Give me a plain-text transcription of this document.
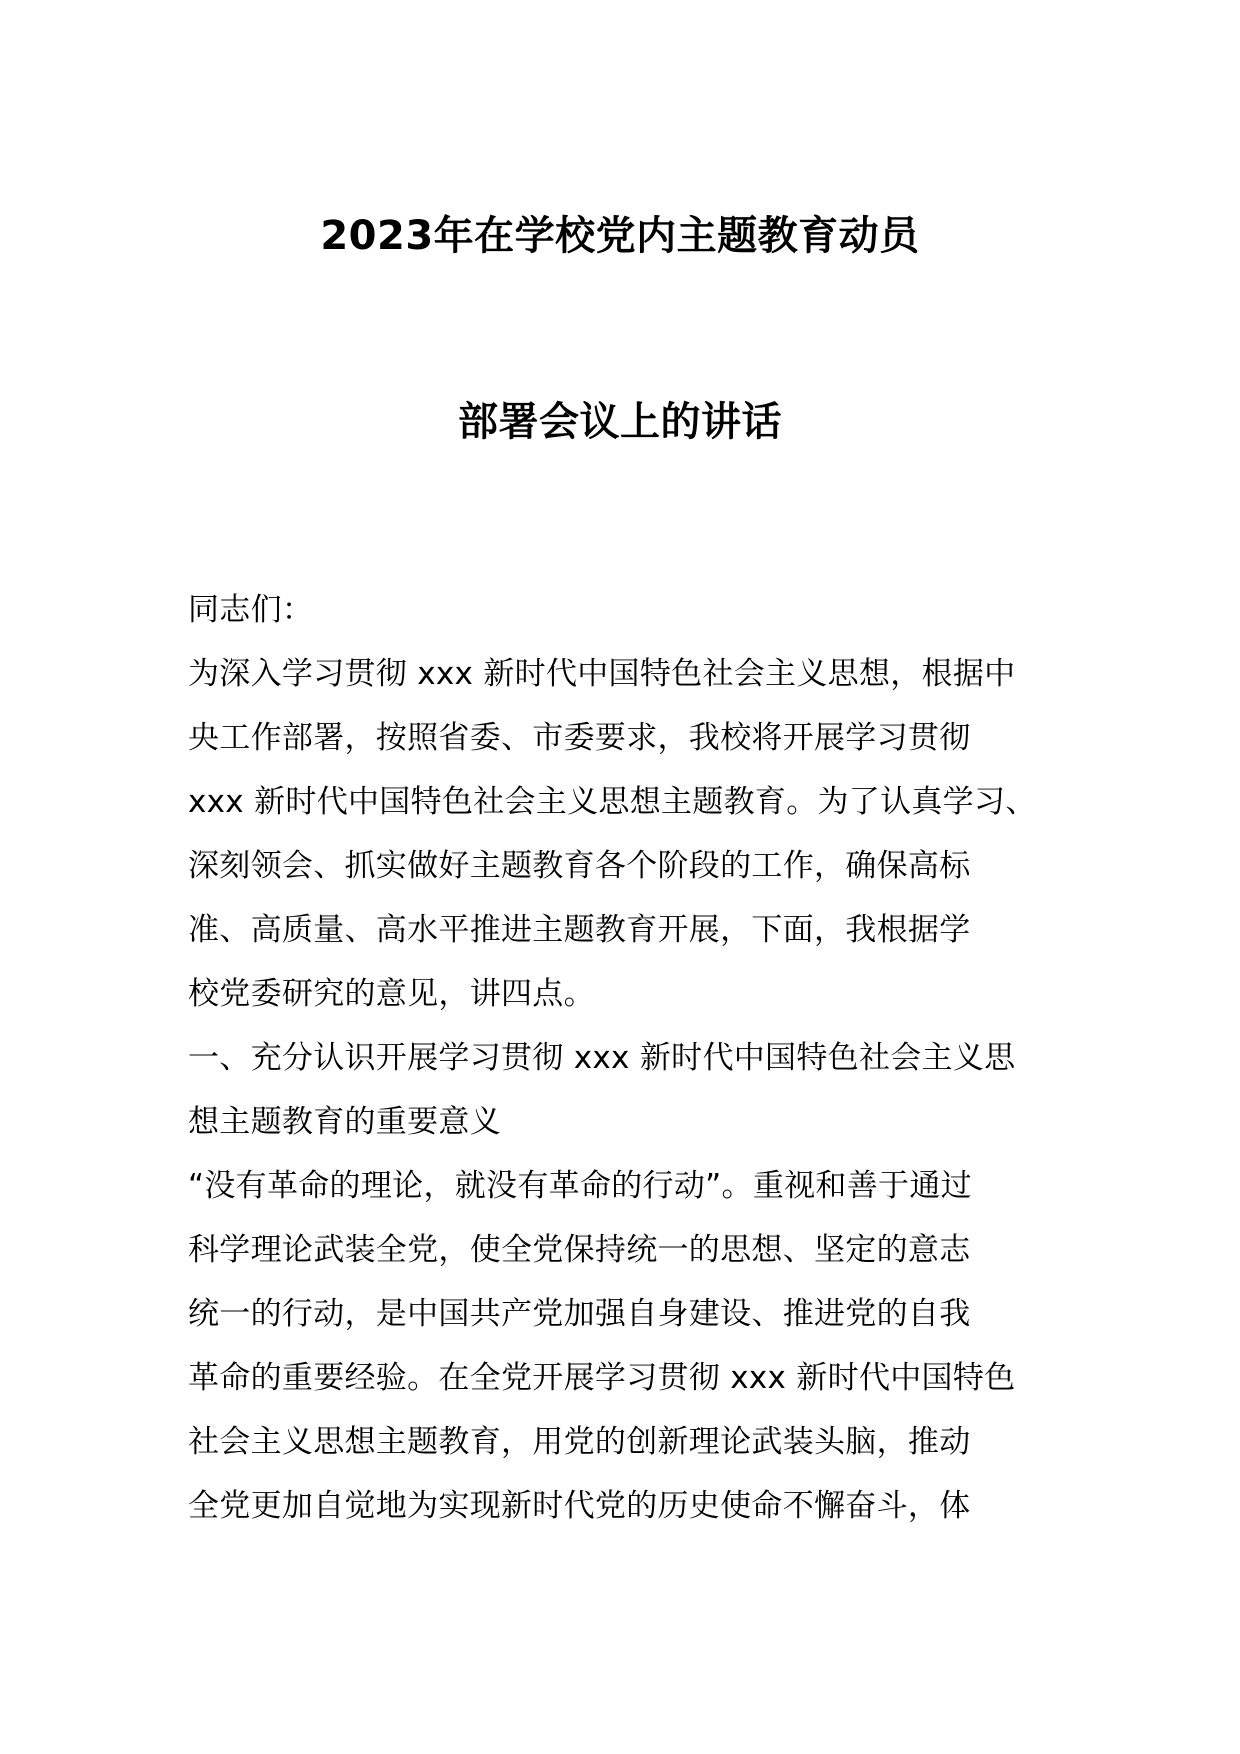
2023年在学校党内主题教育动员
部署会议上的讲话
同志们：
为深入学习贯彻 xxx 新时代中国特色社会主义思想，根据中
央工作部署，按照省委、市委要求，我校将开展学习贯彻
xxx 新时代中国特色社会主义思想主题教育。为了认真学习、
深刻领会、抓实做好主题教育各个阶段的工作，确保高标
准、高质量、高水平推进主题教育开展，下面，我根据学
校党委研究的意见，讲四点。
一、充分认识开展学习贯彻 xxx 新时代中国特色社会主义思
想主题教育的重要意义
“没有革命的理论，就没有革命的行动”。重视和善于通过
科学理论武装全党，使全党保持统一的思想、坚定的意志
统一的行动，是中国共产党加强自身建设、推进党的自我
革命的重要经验。在全党开展学习贯彻 xxx 新时代中国特色
社会主义思想主题教育，用党的创新理论武装头脑，推动
全党更加自觉地为实现新时代党的历史使命不懈奋斗，体
